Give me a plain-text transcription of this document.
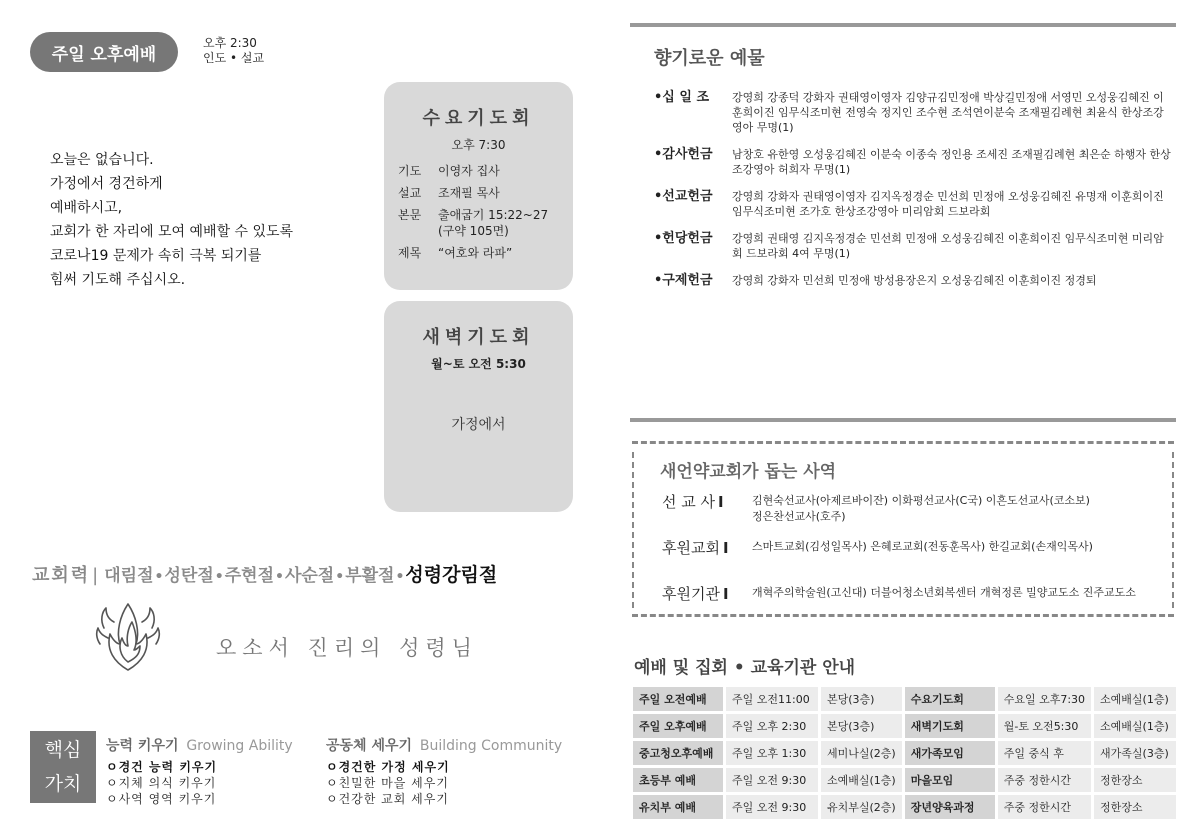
주일 오후예배
오후 2:30
인도 • 설교
오늘은 없습니다.
가정에서 경건하게
예배하시고,
교회가 한 자리에 모여 예배할 수 있도록
코로나19 문제가 속히 극복 되기를
힘써 기도해 주십시오.
수요기도회
오후 7:30
기도	이영자 집사
설교	조재필 목사
본문	출애굽기 15:22~27
(구약 105면)
제목	“여호와 라파”
새벽기도회
월~토 오전 5:30
가정에서
교회력 | 대림절•성탄절•주현절•사순절•부활절•성령강림절
오소서 진리의 성령님
핵심
가치
능력 키우기 Growing Ability
ㅇ경건 능력 키우기
ㅇ지체 의식 키우기
ㅇ사역 영역 키우기
공동체 세우기 Building Community
ㅇ경건한 가정 세우기
ㅇ친밀한 마을 세우기
ㅇ건강한 교회 세우기
향기로운 예물
•십 일 조	강영희 강종덕 강화자 권태영이영자 김양규김민정애 박상길민정애 서영민 오성웅김혜진 이훈희이진 임무식조미현 전영숙 정지인 조수현 조석연이분숙 조재필김례현 최윤식 한상조강영아 무명(1)
•감사헌금	남창호 유한영 오성웅김혜진 이분숙 이종숙 정인용 조세진 조재필김례현 최은순 하행자 한상조강영아 허희자 무명(1)
•선교헌금	강영희 강화자 권태영이영자 김지옥정경순 민선희 민정애 오성웅김혜진 유명재 이훈희이진 임무식조미현 조가호 한상조강영아 미리암회 드보라회
•헌당헌금	강영희 권태영 김지옥정경순 민선희 민정애 오성웅김혜진 이훈희이진 임무식조미현 미리암회 드보라회 4여 무명(1)
•구제헌금	강영희 강화자 민선희 민정애 방성용장은지 오성웅김혜진 이훈희이진 정경퇴
새언약교회가 돕는 사역
선 교 사 I	김현숙선교사(아제르바이잔) 이화평선교사(C국) 이흔도선교사(코소보)
정은찬선교사(호주)
후원교회 I	스마트교회(김성일목사) 은혜로교회(전동훈목사) 한길교회(손재익목사)
후원기관 I	개혁주의학술원(고신대) 더블어청소년회복센터 개혁정론 밀양교도소 진주교도소
예배 및 집회 • 교육기관 안내
주일 오전예배	주일 오전11:00	본당(3층)	수요기도회	수요일 오후7:30	소예배실(1층)
주일 오후예배	주일 오후 2:30	본당(3층)	새벽기도회	월-토 오전5:30	소예배실(1층)
중고청오후예배	주일 오후 1:30	세미나실(2층)	새가족모임	주일 중식 후	새가족실(3층)
초등부 예배	주일 오전 9:30	소예배실(1층)	마을모임	주중 정한시간	정한장소
유치부 예배	주일 오전 9:30	유치부실(2층)	장년양육과정	주중 정한시간	정한장소
